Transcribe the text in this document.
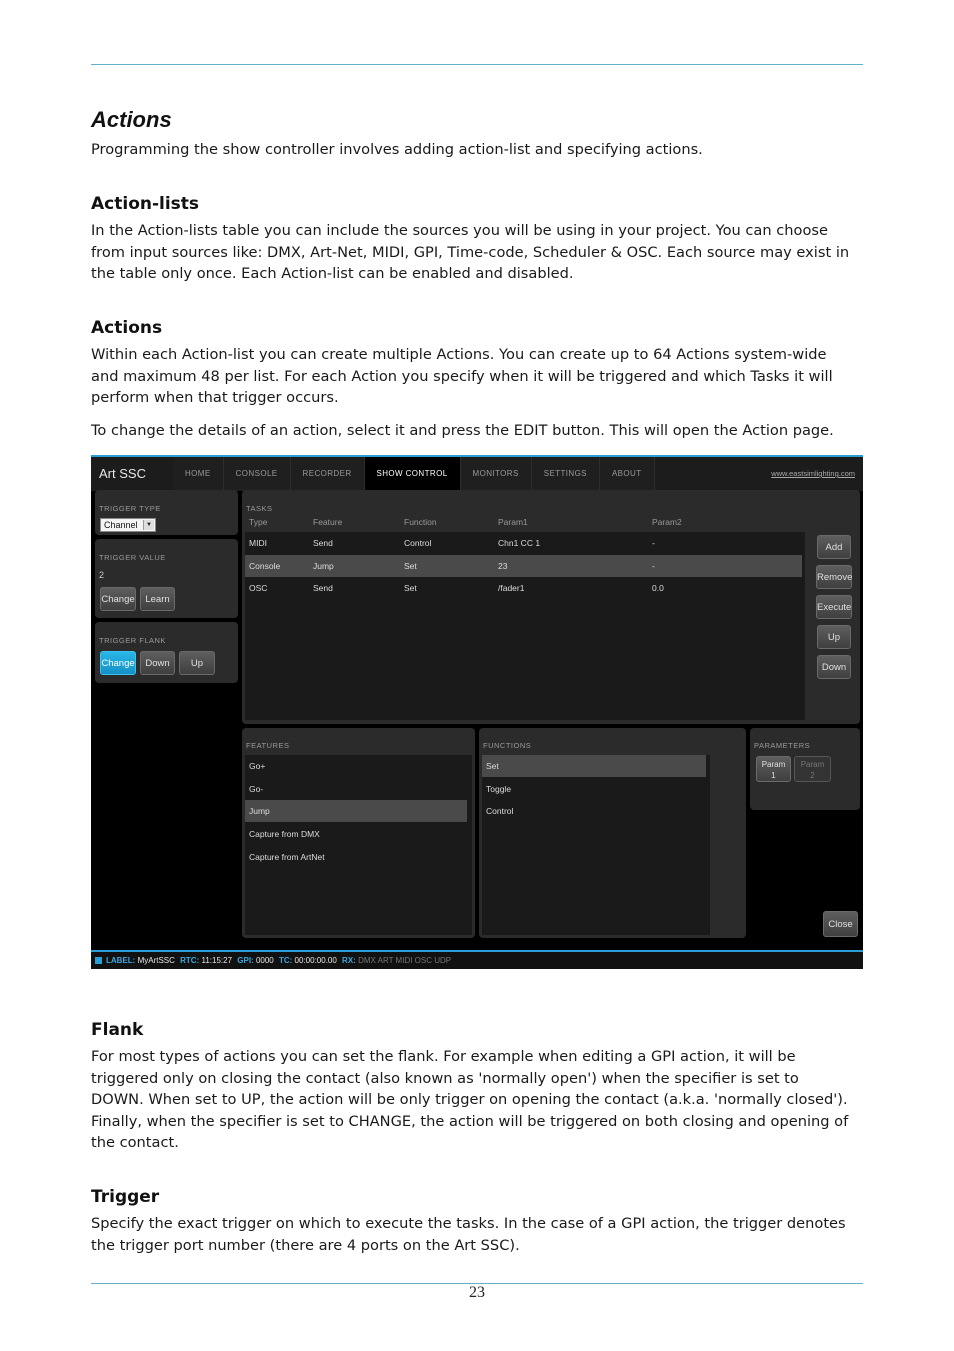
Actions
Programming the show controller involves adding action-list and specifying actions.
Action-lists
In the Action-lists table you can include the sources you will be using in your project. You can choose
from input sources like: DMX, Art-Net, MIDI, GPI, Time-code, Scheduler & OSC. Each source may exist in
the table only once. Each Action-list can be enabled and disabled.
Actions
Within each Action-list you can create multiple Actions. You can create up to 64 Actions system-wide
and maximum 48 per list. For each Action you specify when it will be triggered and which Tasks it will
perform when that trigger occurs.
To change the details of an action, select it and press the EDIT button. This will open the Action page.
Art SSC	HOME	CONSOLE	RECORDER	SHOW CONTROL	MONITORS	SETTINGS	ABOUT	www.eastsimlighting.com
TRIGGER TYPE
Channel	▼
TRIGGER VALUE
2
Change	Learn
TRIGGER FLANK
Change	Down	Up
TASKS
Type	Feature	Function	Param1	Param2
MIDI	Send	Control	Chn1 CC 1	-
Console	Jump	Set	23	-
OSC	Send	Set	/fader1	0.0
Add
Remove
Execute
Up
Down
FEATURES
Go+
Go-
Jump
Capture from DMX
Capture from ArtNet
FUNCTIONS
Set
Toggle
Control
PARAMETERS
Param
1
Param
2
Close
LABEL: MyArtSSC RTC: 11:15:27 GPI: 0000 TC: 00:00:00.00 RX: DMX ART MIDI OSC UDP
Flank
For most types of actions you can set the flank. For example when editing a GPI action, it will be
triggered only on closing the contact (also known as 'normally open') when the specifier is set to
DOWN. When set to UP, the action will be only trigger on opening the contact (a.k.a. 'normally closed').
Finally, when the specifier is set to CHANGE, the action will be triggered on both closing and opening of
the contact.
Trigger
Specify the exact trigger on which to execute the tasks. In the case of a GPI action, the trigger denotes
the trigger port number (there are 4 ports on the Art SSC).
23
